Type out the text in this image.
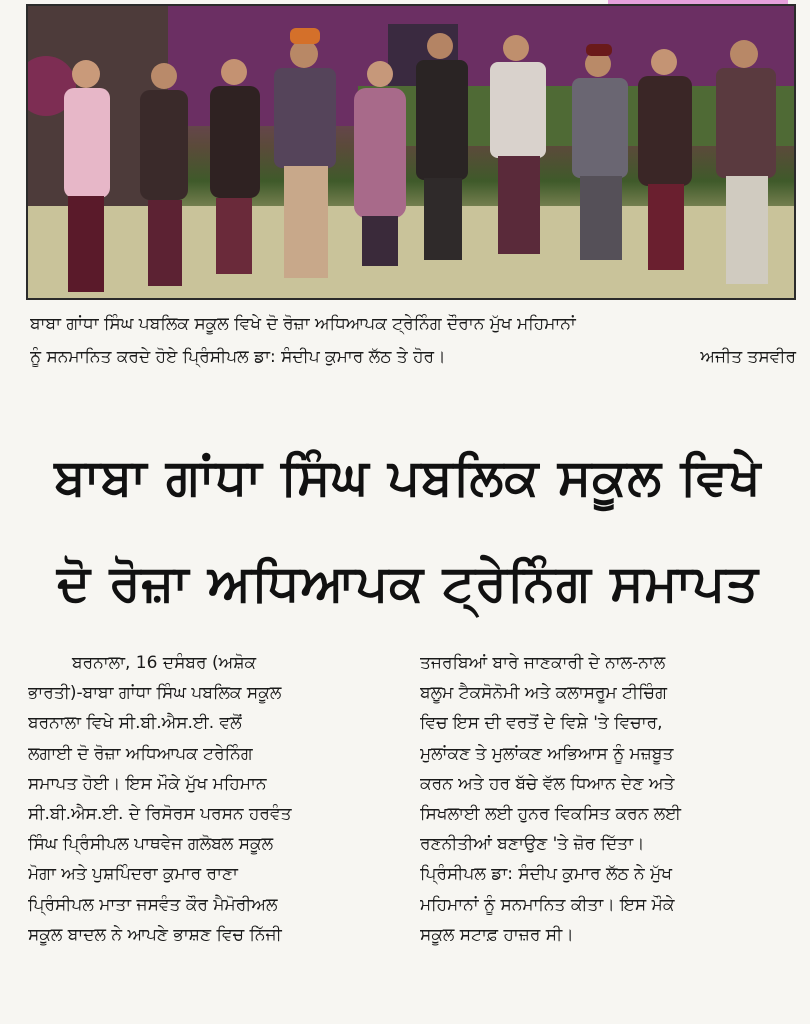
ਬਾਬਾ ਗਾਂਧਾ ਸਿੰਘ ਪਬਲਿਕ ਸਕੂਲ ਵਿਖੇ ਦੋ ਰੋਜ਼ਾ ਅਧਿਆਪਕ ਟ੍ਰੇਨਿੰਗ ਦੌਰਾਨ ਮੁੱਖ ਮਹਿਮਾਨਾਂ
ਨੂੰ ਸਨਮਾਨਿਤ ਕਰਦੇ ਹੋਏ ਪ੍ਰਿੰਸੀਪਲ ਡਾ: ਸੰਦੀਪ ਕੁਮਾਰ ਲੱਠ ਤੇ ਹੋਰ।	ਅਜੀਤ ਤਸਵੀਰ
ਬਾਬਾ ਗਾਂਧਾ ਸਿੰਘ ਪਬਲਿਕ ਸਕੂਲ ਵਿਖੇ
ਦੋ ਰੋਜ਼ਾ ਅਧਿਆਪਕ ਟ੍ਰੇਨਿੰਗ ਸਮਾਪਤ
ਬਰਨਾਲਾ, 16 ਦਸੰਬਰ (ਅਸ਼ੋਕ
ਭਾਰਤੀ)-ਬਾਬਾ ਗਾਂਧਾ ਸਿੰਘ ਪਬਲਿਕ ਸਕੂਲ
ਬਰਨਾਲਾ ਵਿਖੇ ਸੀ.ਬੀ.ਐਸ.ਈ. ਵਲੋਂ
ਲਗਾਈ ਦੋ ਰੋਜ਼ਾ ਅਧਿਆਪਕ ਟਰੇਨਿੰਗ
ਸਮਾਪਤ ਹੋਈ। ਇਸ ਮੌਕੇ ਮੁੱਖ ਮਹਿਮਾਨ
ਸੀ.ਬੀ.ਐਸ.ਈ. ਦੇ ਰਿਸੋਰਸ ਪਰਸਨ ਹਰਵੰਤ
ਸਿੰਘ ਪ੍ਰਿੰਸੀਪਲ ਪਾਥਵੇਜ ਗਲੋਬਲ ਸਕੂਲ
ਮੋਗਾ ਅਤੇ ਪੁਸ਼ਪਿੰਦਰਾ ਕੁਮਾਰ ਰਾਣਾ
ਪ੍ਰਿੰਸੀਪਲ ਮਾਤਾ ਜਸਵੰਤ ਕੌਰ ਮੈਮੋਰੀਅਲ
ਸਕੂਲ ਬਾਦਲ ਨੇ ਆਪਣੇ ਭਾਸ਼ਣ ਵਿਚ ਨਿੱਜੀ
ਤਜਰਬਿਆਂ ਬਾਰੇ ਜਾਣਕਾਰੀ ਦੇ ਨਾਲ-ਨਾਲ
ਬਲੂਮ ਟੈਕਸੋਨੋਮੀ ਅਤੇ ਕਲਾਸਰੂਮ ਟੀਚਿੰਗ
ਵਿਚ ਇਸ ਦੀ ਵਰਤੋਂ ਦੇ ਵਿਸ਼ੇ 'ਤੇ ਵਿਚਾਰ,
ਮੁਲਾਂਕਣ ਤੇ ਮੁਲਾਂਕਣ ਅਭਿਆਸ ਨੂੰ ਮਜ਼ਬੂਤ
ਕਰਨ ਅਤੇ ਹਰ ਬੱਚੇ ਵੱਲ ਧਿਆਨ ਦੇਣ ਅਤੇ
ਸਿਖਲਾਈ ਲਈ ਹੁਨਰ ਵਿਕਸਿਤ ਕਰਨ ਲਈ
ਰਣਨੀਤੀਆਂ ਬਣਾਉਣ 'ਤੇ ਜ਼ੋਰ ਦਿੱਤਾ।
ਪ੍ਰਿੰਸੀਪਲ ਡਾ: ਸੰਦੀਪ ਕੁਮਾਰ ਲੱਠ ਨੇ ਮੁੱਖ
ਮਹਿਮਾਨਾਂ ਨੂੰ ਸਨਮਾਨਿਤ ਕੀਤਾ। ਇਸ ਮੌਕੇ
ਸਕੂਲ ਸਟਾਫ਼ ਹਾਜ਼ਰ ਸੀ।
